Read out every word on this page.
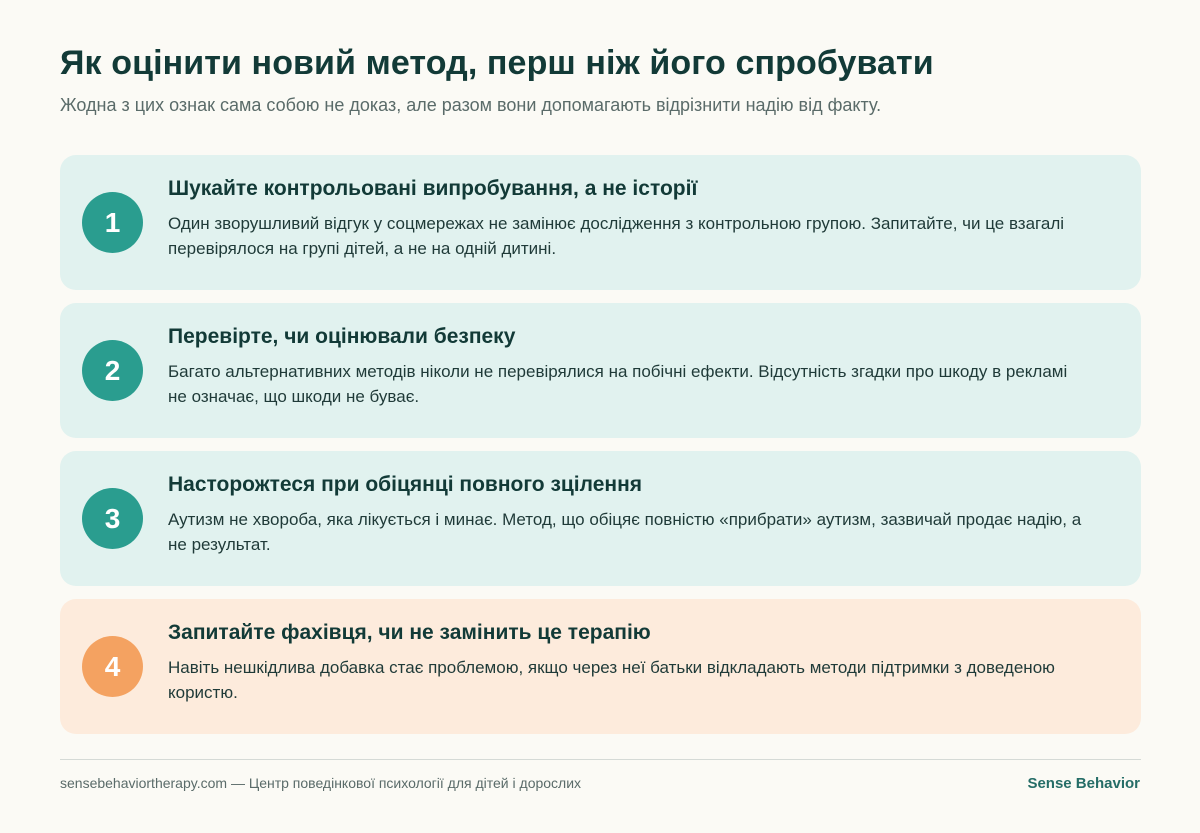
Як оцінити новий метод, перш ніж його спробувати

Жодна з цих ознак сама собою не доказ, але разом вони допомагають відрізнити надію від факту.

1
Шукайте контрольовані випробування, а не історії
Один зворушливий відгук у соцмережах не замінює дослідження з контрольною групою. Запитайте, чи це взагалі перевірялося на групі дітей, а не на одній дитині.
2
Перевірте, чи оцінювали безпеку
Багато альтернативних методів ніколи не перевірялися на побічні ефекти. Відсутність згадки про шкоду в рекламі не означає, що шкоди не буває.
3
Насторожтеся при обіцянці повного зцілення
Аутизм не хвороба, яка лікується і минає. Метод, що обіцяє повністю «прибрати» аутизм, зазвичай продає надію, а не результат.
4
Запитайте фахівця, чи не замінить це терапію
Навіть нешкідлива добавка стає проблемою, якщо через неї батьки відкладають методи підтримки з доведеною користю.
sensebehaviortherapy.com — Центр поведінкової психології для дітей і дорослих	Sense Behavior
